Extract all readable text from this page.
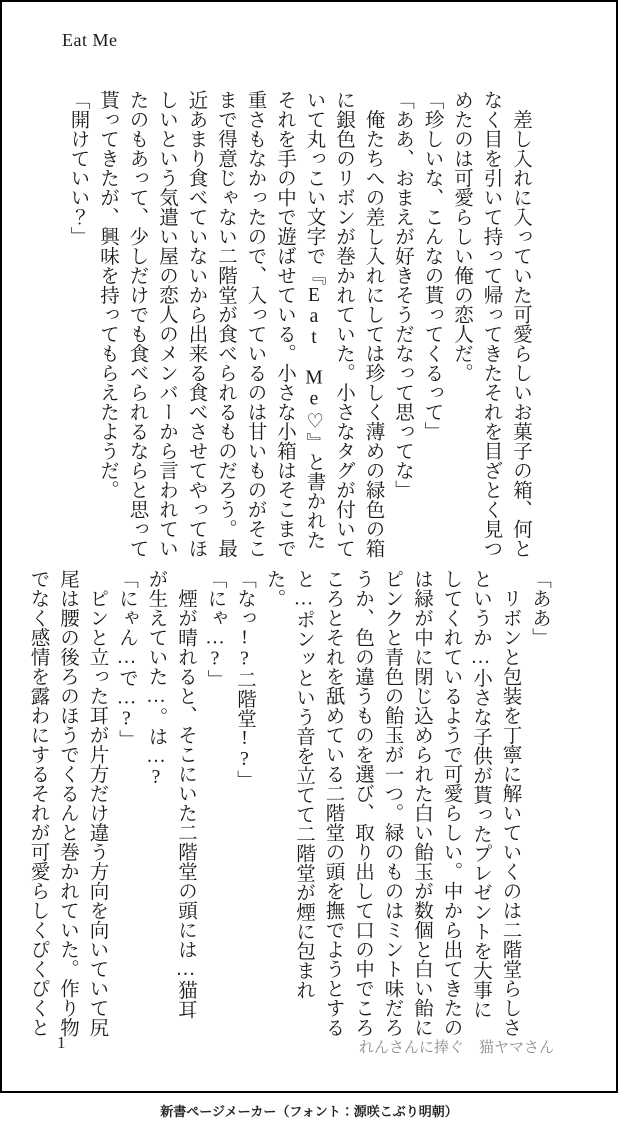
Eat Me

　差し入れに入っていた可愛らしいお菓子の箱、何となく目を引いて持って帰ってきたそれを目ざとく見つめたのは可愛らしい俺の恋人だ。

「珍しいな、こんなの貰ってくるって」

「ああ、おまえが好きそうだなって思ってな」

　俺たちへの差し入れにしては珍しく薄めの緑色の箱に銀色のリボンが巻かれていた。小さなタグが付いていて丸っこい文字で『Eat　Me♡』と書かれたそれを手の中で遊ばせている。小さな小箱はそこまで重さもなかったので、入っているのは甘いものがそこまで得意じゃない二階堂が食べられるものだろう。最近あまり食べていないから出来る食べさせてやってほしいという気遣い屋の恋人のメンバーから言われていたのもあって、少しだけでも食べられるならと思って貰ってきたが、興味を持ってもらえたようだ。

「開けていい？」

「ああ」

　リボンと包装を丁寧に解いていくのは二階堂らしさというか…小さな子供が貰ったプレゼントを大事にしてくれているようで可愛らしい。中から出てきたのは緑が中に閉じ込められた白い飴玉が数個と白い飴にピンクと青色の飴玉が一つ。緑のものはミント味だろうか、色の違うものを選び、取り出して口の中でころころとそれを舐めている二階堂の頭を撫でようとすると…ポンッという音を立てて二階堂が煙に包まれた。

「なっ!?二階堂!?」

「にゃ…?」

　煙が晴れると、そこにいた二階堂の頭には…猫耳が生えていた…。は…?

「にゃん…で…?」

　ピンと立った耳が片方だけ違う方向を向いていて尻尾は腰の後ろのほうでくるんと巻かれていた。作り物でなく感情を露わにするそれが可愛らしくぴくぴくと

1	れんさんに捧ぐ　猫ヤマさん
新書ページメーカー（フォント：源咲こぶり明朝）
